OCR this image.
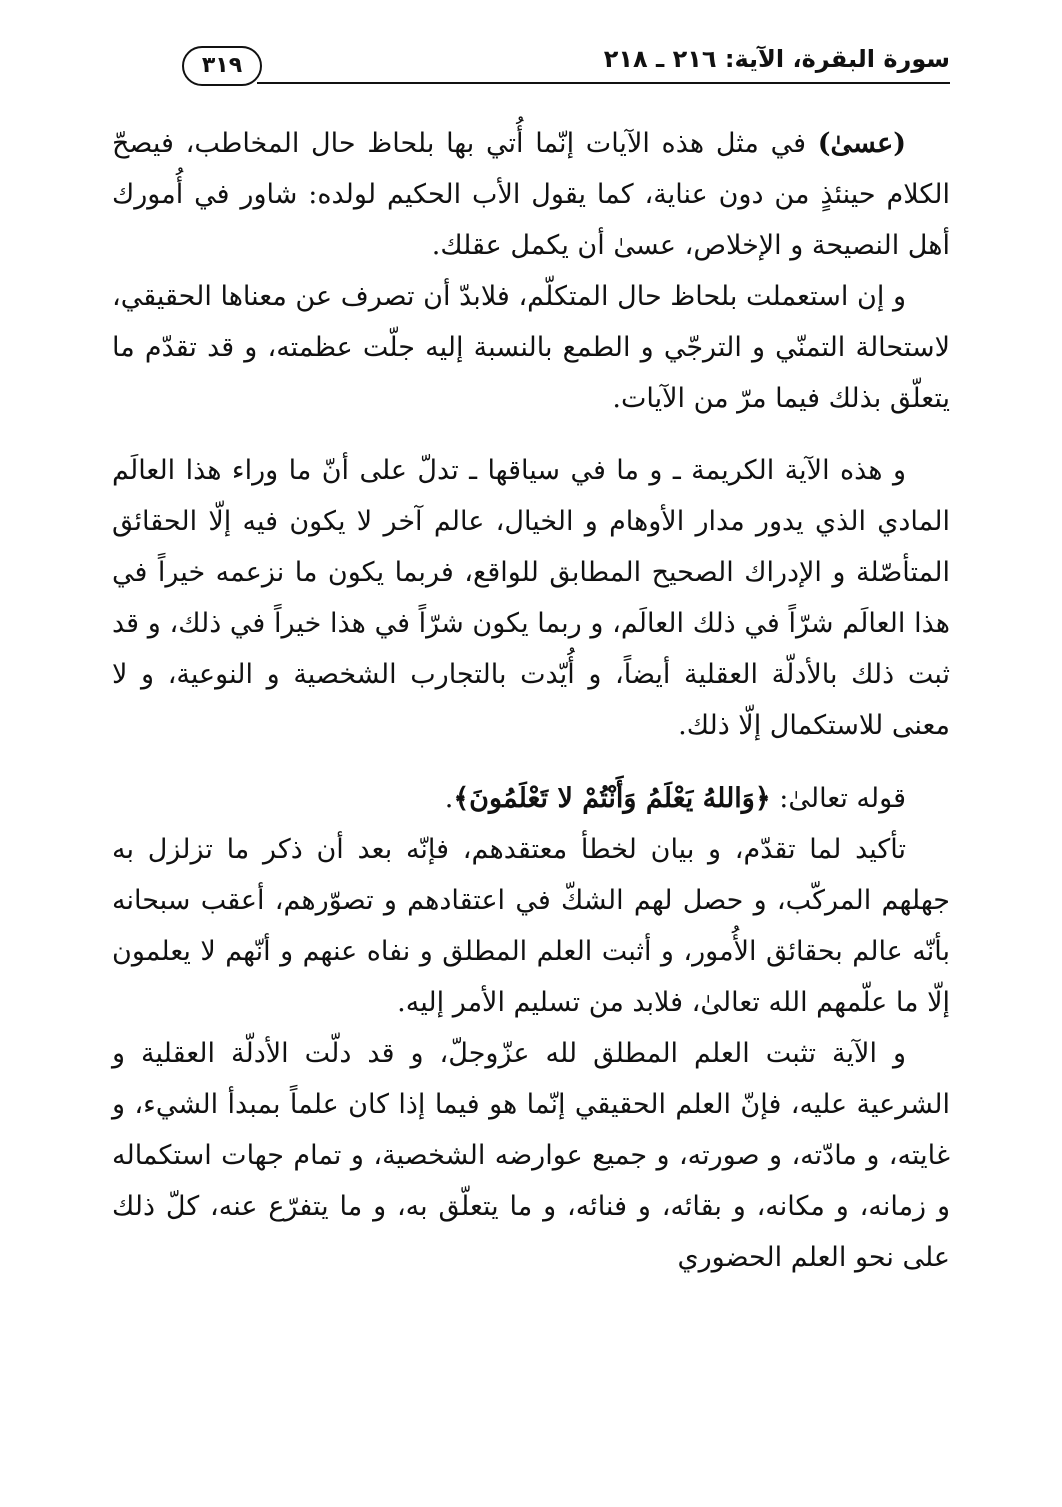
سورة البقرة، الآية: ٢١٦ ـ ٢١٨
٣١٩

(عسىٰ) في مثل هذه الآيات إنّما أُتي بها بلحاظ حال المخاطب، فيصحّ الكلام حينئذٍ من دون عناية، كما يقول الأب الحكيم لولده: شاور في أُمورك أهل النصيحة و الإخلاص، عسىٰ أن يكمل عقلك.

و إن استعملت بلحاظ حال المتكلّم، فلابدّ أن تصرف عن معناها الحقيقي، لاستحالة التمنّي و الترجّي و الطمع بالنسبة إليه جلّت عظمته، و قد تقدّم ما يتعلّق بذلك فيما مرّ من الآيات.

و هذه الآية الكريمة ـ و ما في سياقها ـ تدلّ على أنّ ما وراء هذا العالَم المادي الذي يدور مدار الأوهام و الخيال، عالم آخر لا يكون فيه إلّا الحقائق المتأصّلة و الإدراك الصحيح المطابق للواقع، فربما يكون ما نزعمه خيراً في هذا العالَم شرّاً في ذلك العالَم، و ربما يكون شرّاً في هذا خيراً في ذلك، و قد ثبت ذلك بالأدلّة العقلية أيضاً، و أُيّدت بالتجارب الشخصية و النوعية، و لا معنى للاستكمال إلّا ذلك.

قوله تعالىٰ: ﴿وَاللهُ يَعْلَمُ وَأَنْتُمْ لا تَعْلَمُونَ﴾.

تأكيد لما تقدّم، و بيان لخطأ معتقدهم، فإنّه بعد أن ذكر ما تزلزل به جهلهم المركّب، و حصل لهم الشكّ في اعتقادهم و تصوّرهم، أعقب سبحانه بأنّه عالم بحقائق الأُمور، و أثبت العلم المطلق و نفاه عنهم و أنّهم لا يعلمون إلّا ما علّمهم الله تعالىٰ، فلابد من تسليم الأمر إليه.

و الآية تثبت العلم المطلق لله عزّوجلّ، و قد دلّت الأدلّة العقلية و الشرعية عليه، فإنّ العلم الحقيقي إنّما هو فيما إذا كان علماً بمبدأ الشيء، و غايته، و مادّته، و صورته، و جميع عوارضه الشخصية، و تمام جهات استكماله و زمانه، و مكانه، و بقائه، و فنائه، و ما يتعلّق به، و ما يتفرّع عنه، كلّ ذلك على نحو العلم الحضوري
